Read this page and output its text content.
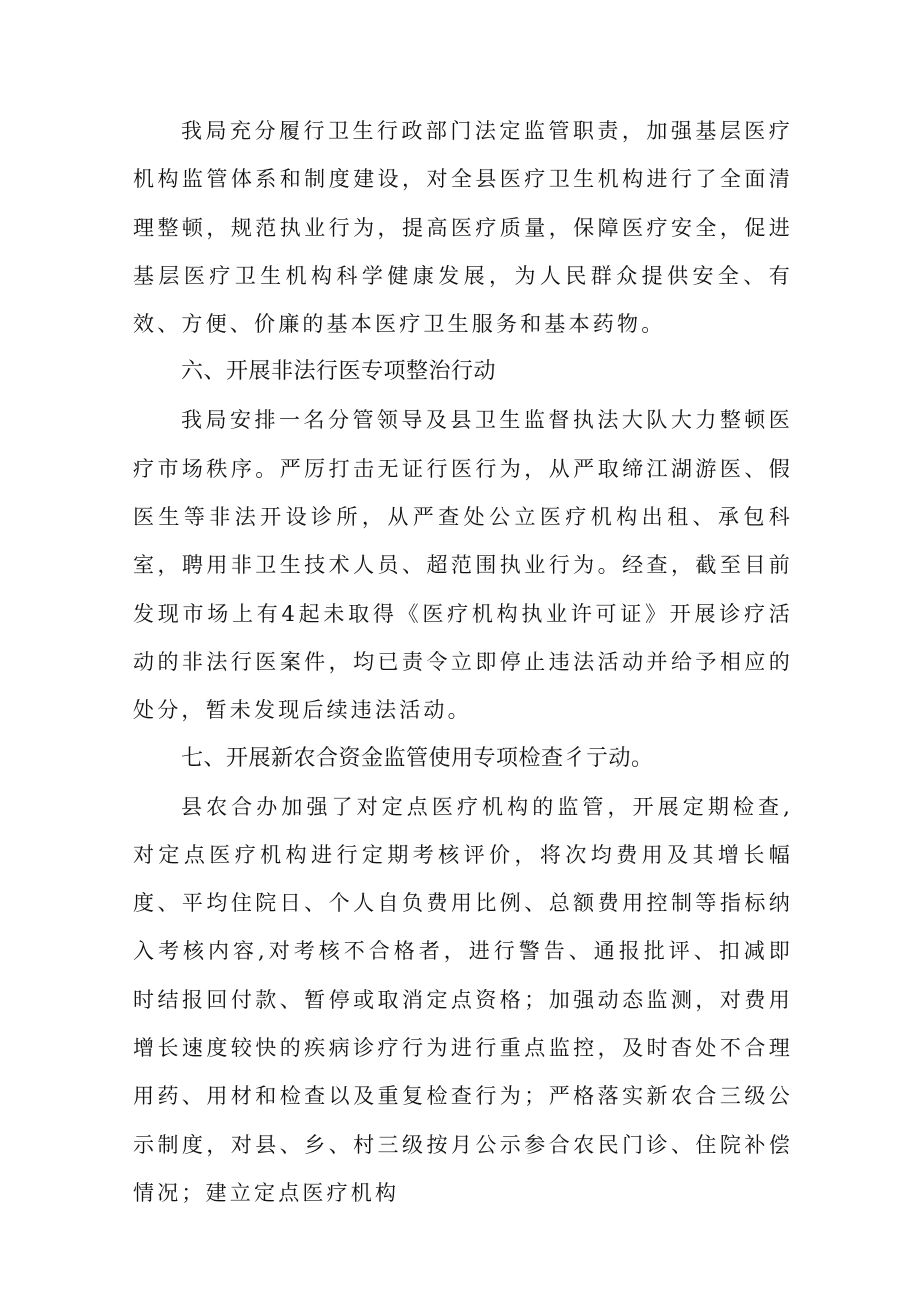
我局充分履行卫生行政部门法定监管职责，加强基层医疗机构监管体系和制度建设，对全县医疗卫生机构进行了全面清理整顿，规范执业行为，提高医疗质量，保障医疗安全，促进基层医疗卫生机构科学健康发展，为人民群众提供安全、有效、方便、价廉的基本医疗卫生服务和基本药物。

六、开展非法行医专项整治行动

我局安排一名分管领导及县卫生监督执法大队大力整顿医疗市场秩序。严厉打击无证行医行为，从严取缔江湖游医、假医生等非法开设诊所，从严查处公立医疗机构出租、承包科室，聘用非卫生技术人员、超范围执业行为。经查，截至目前发现市场上有4起未取得《医疗机构执业许可证》开展诊疗活动的非法行医案件，均已责令立即停止违法活动并给予相应的处分，暂未发现后续违法活动。

七、开展新农合资金监管使用专项检查彳亍动。

县农合办加强了对定点医疗机构的监管，开展定期检查,对定点医疗机构进行定期考核评价，将次均费用及其增长幅度、平均住院日、个人自负费用比例、总额费用控制等指标纳入考核内容,对考核不合格者，进行警告、通报批评、扣减即时结报回付款、暂停或取消定点资格；加强动态监测，对费用增长速度较快的疾病诊疗行为进行重点监控，及时杳处不合理用药、用材和检查以及重复检查行为；严格落实新农合三级公示制度，对县、乡、村三级按月公示参合农民门诊、住院补偿情况；建立定点医疗机构
